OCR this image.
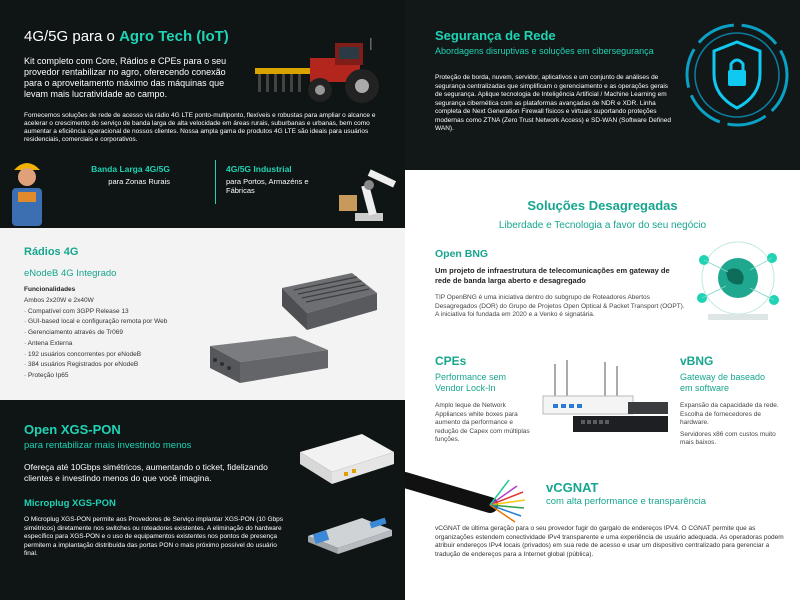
4G/5G para o Agro Tech (IoT)

Kit completo com Core, Rádios e CPEs para o seu provedor rentabilizar no agro, oferecendo conexão para o aproveitamento máximo das máquinas que levam mais lucratividade ao campo.

Fornecemos soluções de rede de acesso via rádio 4G LTE ponto-multiponto, flexíveis e robustas para ampliar o alcance e acelerar o crescimento do serviço de banda larga de alta velocidade em áreas rurais, suburbanas e urbanas, bem como aumentar a eficiência operacional de nossos clientes. Nossa ampla gama de produtos 4G LTE são ideais para usuários residenciais, comerciais e corporativos.

Banda Larga 4G/5G

para Zonas Rurais

4G/5G Industrial

para Portos, Armazéns e Fábricas

Segurança de Rede

Abordagens disruptivas e soluções em cibersegurança

Proteção de borda, nuvem, servidor, aplicativos e um conjunto de análises de segurança centralizadas que simplificam o gerenciamento e as operações gerais de segurança. Aplique tecnologia de Inteligência Artificial / Machine Learning em segurança cibernética com as plataformas avançadas de NDR e XDR. Linha completa de Next Generation Firewall físicos e virtuais suportando proteções modernas como ZTNA (Zero Trust Network Access) e SD-WAN (Software Defined WAN).

Rádios 4G

eNodeB 4G Integrado

Funcionalidades

Ambos 2x20W e 2x40W
· Compatível com 3GPP Release 13
· GUI-based local e configuração remota por Web
· Gerenciamento através de Tr069
· Antena Externa
· 192 usuários concorrentes por eNodeB
· 384 usuários Registrados por eNodeB
· Proteção Ip65

Soluções Desagregadas

Liberdade e Tecnologia a favor do seu negócio

Open BNG

Um projeto de infraestrutura de telecomunicações em gateway de rede de banda larga aberto e desagregado

TIP OpenBNG é uma iniciativa dentro do subgrupo de Roteadores Abertos Desagregados (DOR) do Grupo de Projetos Open Optical & Packet Transport (OOPT). A iniciativa foi fundada em 2020 e a Venko é signatária.

CPEs

Performance sem

Vendor Lock-In

Amplo leque de Network Appliances white boxes para aumento da performance e redução de Capex com múltiplas funções.

vBNG

Gateway de baseado

em software

Expansão da capacidade da rede.

Escolha de fornecedores de hardware.

Servidores x86 com custos muito mais baixos.

Open XGS-PON

para rentabilizar mais investindo menos

Ofereça até 10Gbps simétricos, aumentando o ticket, fidelizando clientes e investindo menos do que você imagina.

Microplug XGS-PON

O Microplug XGS-PON permite aos Provedores de Serviço implantar XGS-PON (10 Gbps simétricos) diretamente nos switches ou roteadores existentes. A eliminação do hardware específico para XGS-PON e o uso de equipamentos existentes nos pontos de presença permitem a implantação distribuída das portas PON o mais próximo possível do usuário final.

vCGNAT

com alta performance e transparência

vCGNAT de última geração para o seu provedor fugir do gargalo de endereços IPV4. O CGNAT permite que as organizações estendem conectividade IPv4 transparente e uma experiência de usuário adequada. As operadoras podem atribuir endereços IPv4 locais (privados) em sua rede de acesso e usar um dispositivo centralizado para gerenciar a tradução de endereços para a Internet global (pública).
